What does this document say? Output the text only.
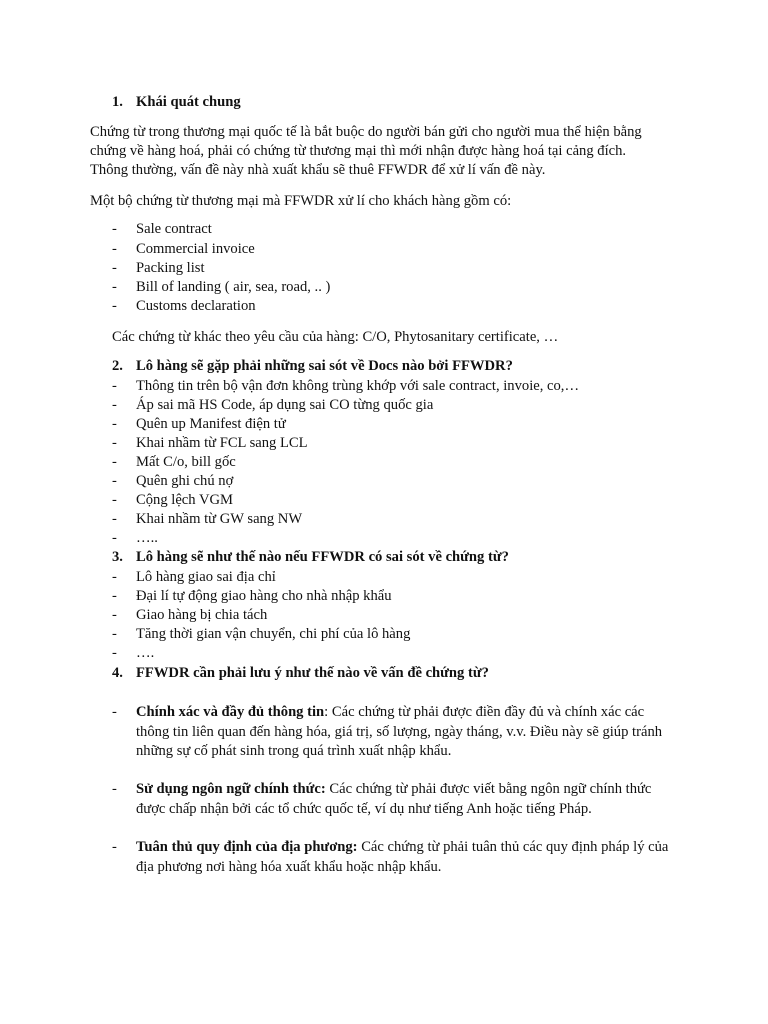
1. Khái quát chung
Chứng từ trong thương mại quốc tế là bắt buộc do người bán gửi cho người mua thể hiện bằng
chứng về hàng hoá, phải có chứng từ thương mại thì mới nhận được hàng hoá tại cảng đích.
Thông thường, vấn đề này nhà xuất khẩu sẽ thuê FFWDR để xử lí vấn đề này.
Một bộ chứng từ thương mại mà FFWDR xử lí cho khách hàng gồm có:
- Sale contract
- Commercial invoice
- Packing list
- Bill of landing ( air, sea, road, .. )
- Customs declaration
Các chứng từ khác theo yêu cầu của hàng: C/O, Phytosanitary certificate, …
2. Lô hàng sẽ gặp phải những sai sót về Docs nào bởi FFWDR?
- Thông tin trên bộ vận đơn không trùng khớp với sale contract, invoie, co,…
- Áp sai mã HS Code, áp dụng sai CO từng quốc gia
- Quên up Manifest điện tử
- Khai nhầm từ FCL sang LCL
- Mất C/o, bill gốc
- Quên ghi chú nợ
- Cộng lệch VGM
- Khai nhầm từ GW sang NW
- …..
3. Lô hàng sẽ như thế nào nếu FFWDR có sai sót về chứng từ?
- Lô hàng giao sai địa chỉ
- Đại lí tự động giao hàng cho nhà nhập khẩu
- Giao hàng bị chia tách
- Tăng thời gian vận chuyển, chi phí của lô hàng
- ….
4. FFWDR cần phải lưu ý như thế nào về vấn đề chứng từ?
- Chính xác và đầy đủ thông tin: Các chứng từ phải được điền đầy đủ và chính xác các thông tin liên quan đến hàng hóa, giá trị, số lượng, ngày tháng, v.v. Điều này sẽ giúp tránh những sự cố phát sinh trong quá trình xuất nhập khẩu.
- Sử dụng ngôn ngữ chính thức: Các chứng từ phải được viết bằng ngôn ngữ chính thức được chấp nhận bởi các tổ chức quốc tế, ví dụ như tiếng Anh hoặc tiếng Pháp.
- Tuân thủ quy định của địa phương: Các chứng từ phải tuân thủ các quy định pháp lý của địa phương nơi hàng hóa xuất khẩu hoặc nhập khẩu.
